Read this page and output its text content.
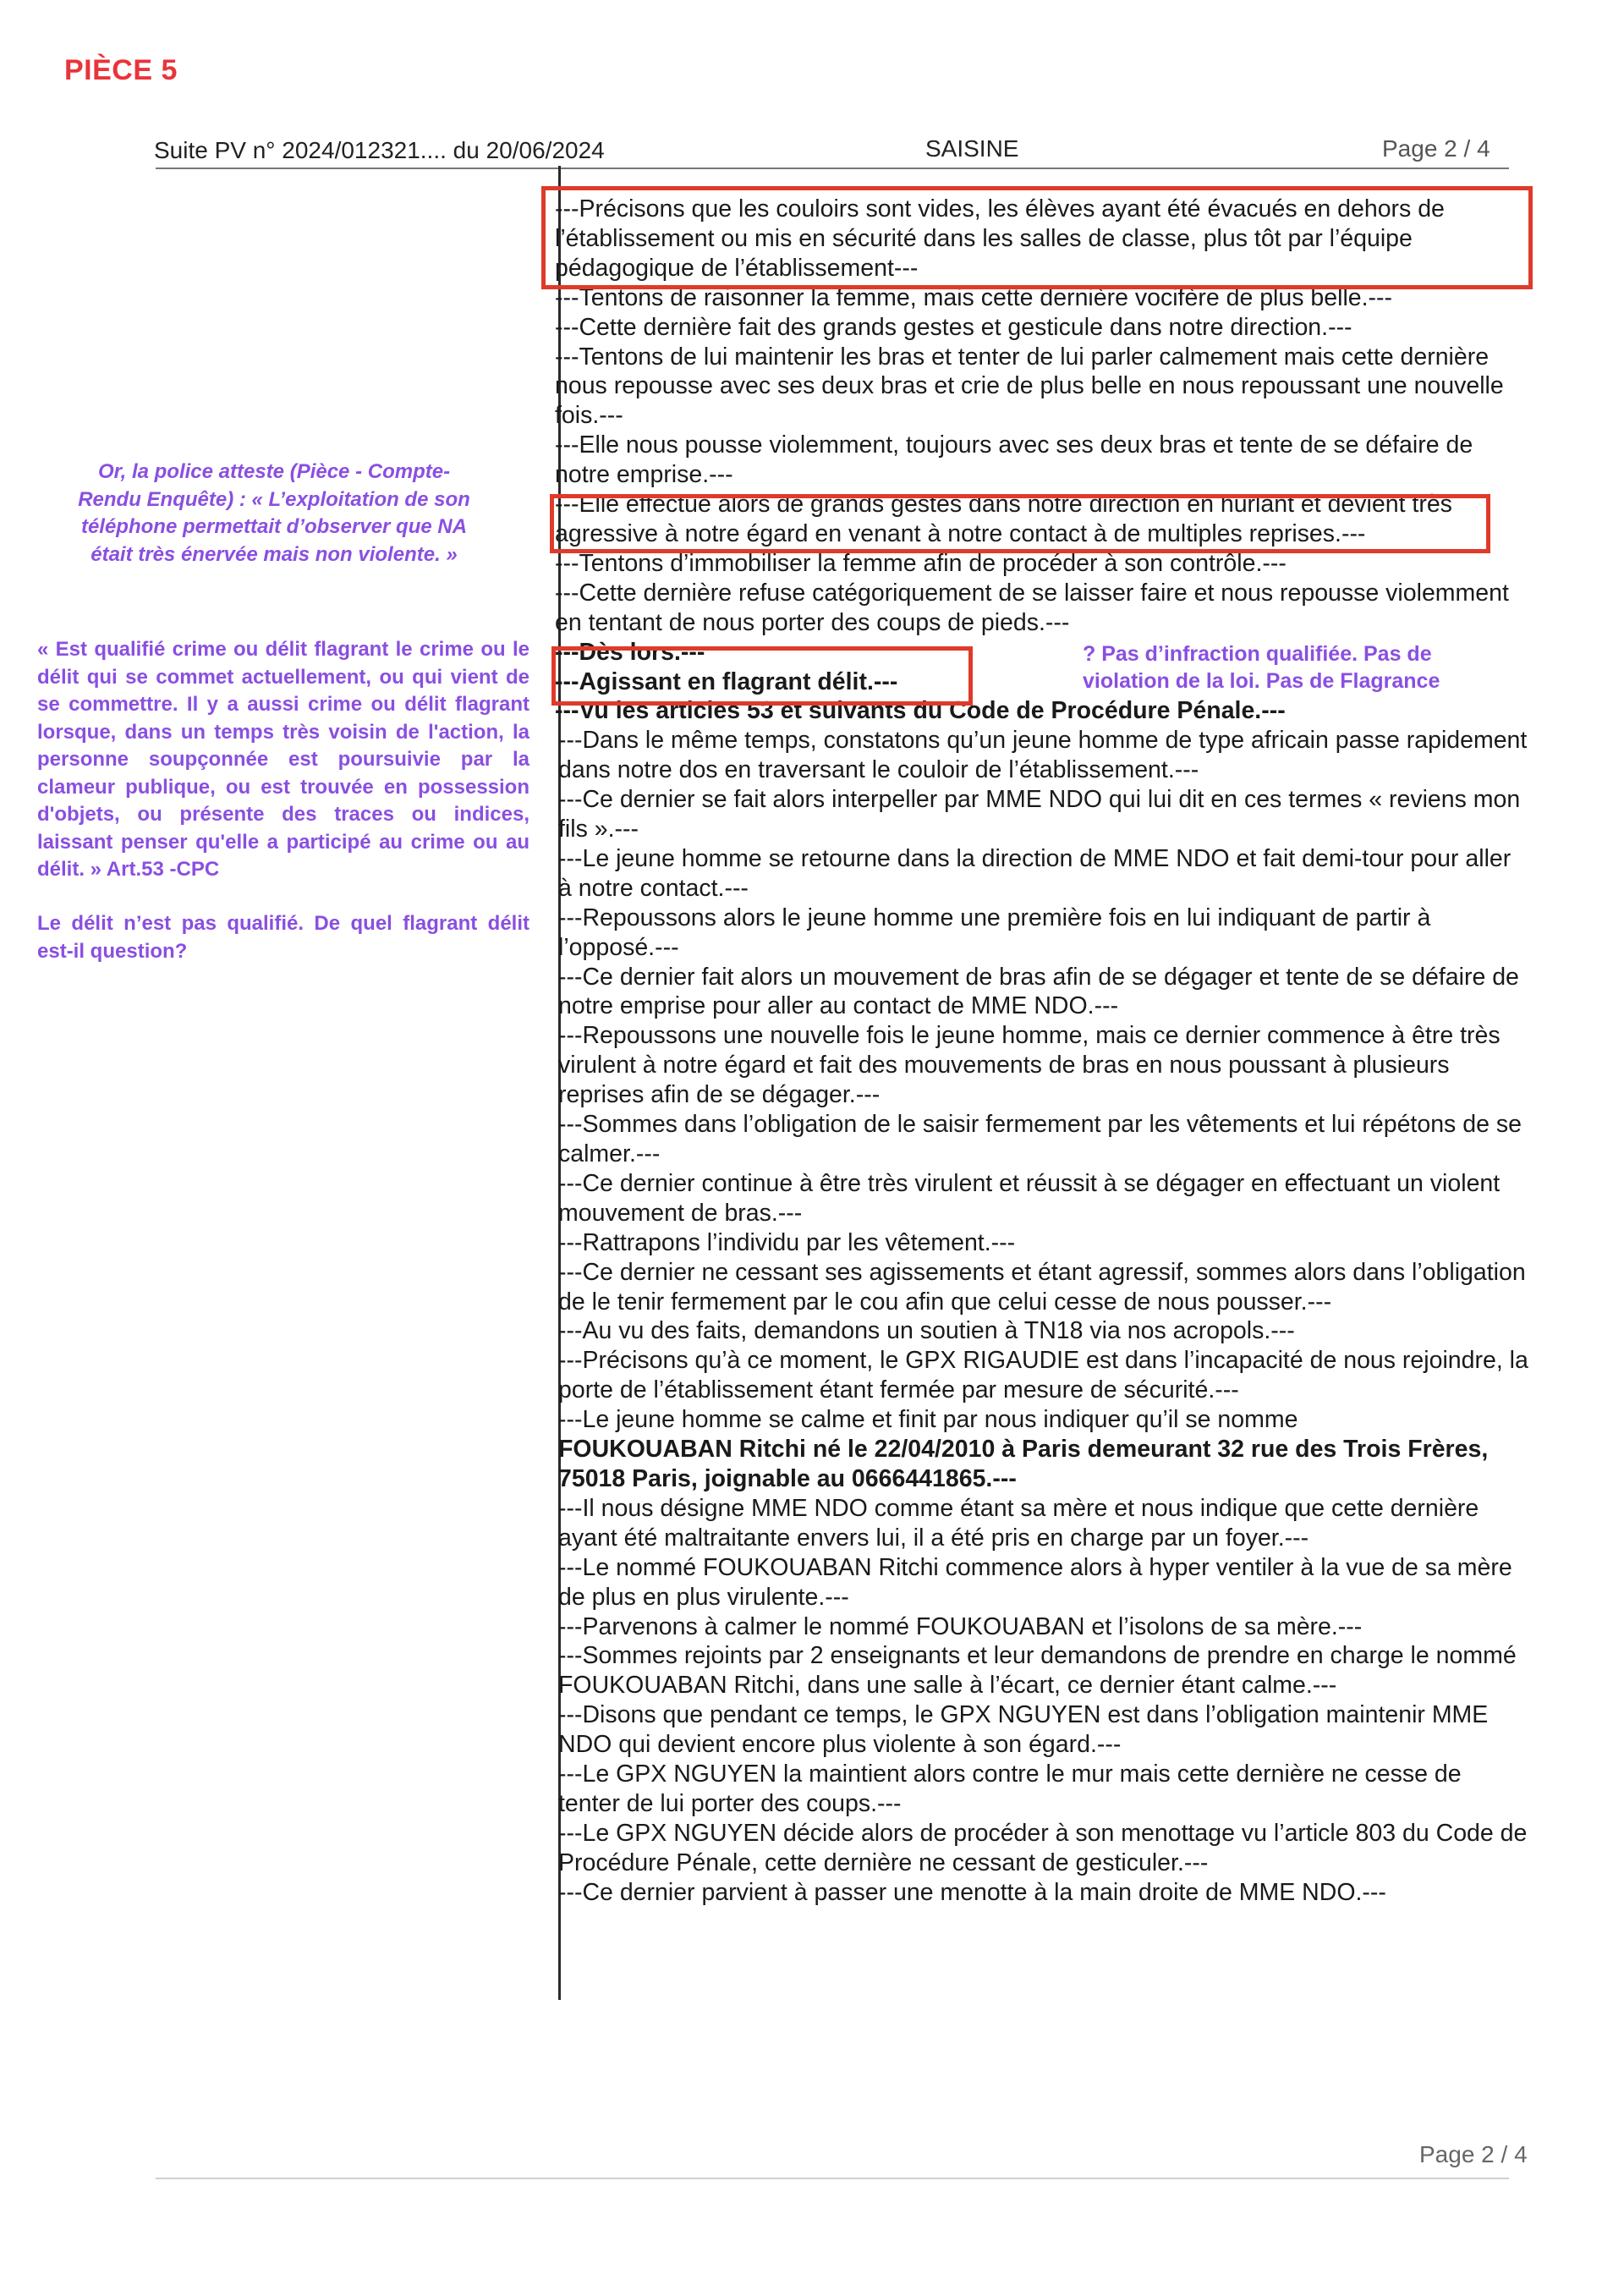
PIÈCE 5
Suite PV n° 2024/012321.... du 20/06/2024	SAISINE	Page 2 / 4
Or, la police atteste (Pièce - Compte-Rendu Enquête) : « L’exploitation de son téléphone permettait d’observer que NA était très énervée mais non violente. »
« Est qualifié crime ou délit flagrant le crime ou le délit qui se commet actuellement, ou qui vient de se commettre. Il y a aussi crime ou délit flagrant lorsque, dans un temps très voisin de l'action, la personne soupçonnée est poursuivie par la clameur publique, ou est trouvée en possession d'objets, ou présente des traces ou indices, laissant penser qu'elle a participé au crime ou au délit. » Art.53 -CPC
Le délit n’est pas qualifié. De quel flagrant délit est-il question?
? Pas d’infraction qualifiée. Pas de violation de la loi. Pas de Flagrance

---Précisons que les couloirs sont vides, les élèves ayant été évacués en dehors de l’établissement ou mis en sécurité dans les salles de classe, plus tôt par l’équipe pédagogique de l’établissement---

---Tentons de raisonner la femme, mais cette dernière vocifère de plus belle.---

---Cette dernière fait des grands gestes et gesticule dans notre direction.---

---Tentons de lui maintenir les bras et tenter de lui parler calmement mais cette dernière nous repousse avec ses deux bras et crie de plus belle en nous repoussant une nouvelle fois.---

---Elle nous pousse violemment, toujours avec ses deux bras et tente de se défaire de notre emprise.---

---Elle effectue alors de grands gestes dans notre direction en hurlant et devient très agressive à notre égard en venant à notre contact à de multiples reprises.---

---Tentons d’immobiliser la femme afin de procéder à son contrôle.---

---Cette dernière refuse catégoriquement de se laisser faire et nous repousse violemment en tentant de nous porter des coups de pieds.---

---Dès lors.---

---Agissant en flagrant délit.---

---Vu les articles 53 et suivants du Code de Procédure Pénale.---

---Dans le même temps, constatons qu’un jeune homme de type africain passe rapidement dans notre dos en traversant le couloir de l’établissement.---

---Ce dernier se fait alors interpeller par MME NDO qui lui dit en ces termes « reviens mon fils ».---

---Le jeune homme se retourne dans la direction de MME NDO et fait demi-tour pour aller à notre contact.---

---Repoussons alors le jeune homme une première fois en lui indiquant de partir à l’opposé.---

---Ce dernier fait alors un mouvement de bras afin de se dégager et tente de se défaire de notre emprise pour aller au contact de MME NDO.---

---Repoussons une nouvelle fois le jeune homme, mais ce dernier commence à être très virulent à notre égard et fait des mouvements de bras en nous poussant à plusieurs reprises afin de se dégager.---

---Sommes dans l’obligation de le saisir fermement par les vêtements et lui répétons de se calmer.---

---Ce dernier continue à être très virulent et réussit à se dégager en effectuant un violent mouvement de bras.---

---Rattrapons l’individu par les vêtement.---

---Ce dernier ne cessant ses agissements et étant agressif, sommes alors dans l’obligation de le tenir fermement par le cou afin que celui cesse de nous pousser.---

---Au vu des faits, demandons un soutien à TN18 via nos acropols.---

---Précisons qu’à ce moment, le GPX RIGAUDIE est dans l’incapacité de nous rejoindre, la porte de l’établissement étant fermée par mesure de sécurité.---

---Le jeune homme se calme et finit par nous indiquer qu’il se nomme

FOUKOUABAN Ritchi né le 22/04/2010 à Paris demeurant 32 rue des Trois Frères, 75018 Paris, joignable au 0666441865.---

---Il nous désigne MME NDO comme étant sa mère et nous indique que cette dernière ayant été maltraitante envers lui, il a été pris en charge par un foyer.---

---Le nommé FOUKOUABAN Ritchi commence alors à hyper ventiler à la vue de sa mère de plus en plus virulente.---

---Parvenons à calmer le nommé FOUKOUABAN et l’isolons de sa mère.---

---Sommes rejoints par 2 enseignants et leur demandons de prendre en charge le nommé FOUKOUABAN Ritchi, dans une salle à l’écart, ce dernier étant calme.---

---Disons que pendant ce temps, le GPX NGUYEN est dans l’obligation maintenir MME NDO qui devient encore plus violente à son égard.---

---Le GPX NGUYEN la maintient alors contre le mur mais cette dernière ne cesse de tenter de lui porter des coups.---

---Le GPX NGUYEN décide alors de procéder à son menottage vu l’article 803 du Code de Procédure Pénale, cette dernière ne cessant de gesticuler.---

---Ce dernier parvient à passer une menotte à la main droite de MME NDO.---

Page 2 / 4
